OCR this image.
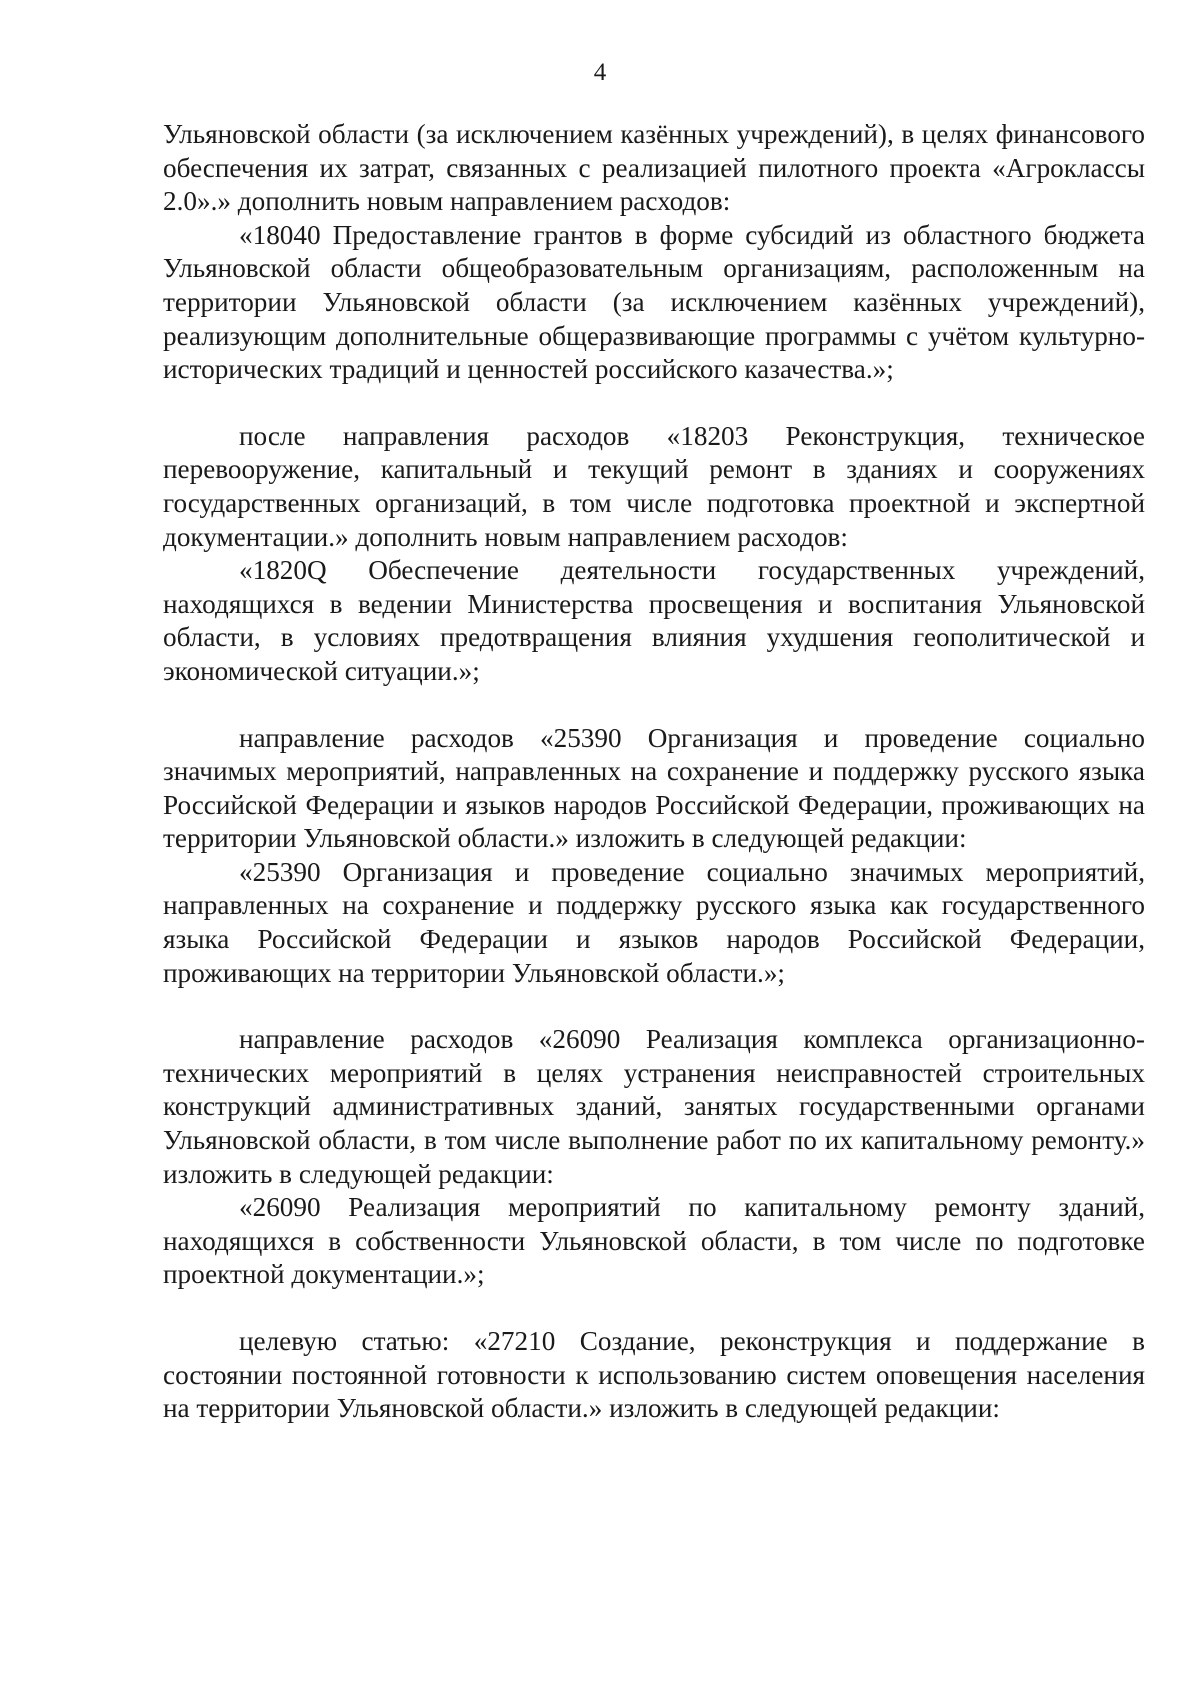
4

Ульяновской области (за исключением казённых учреждений), в целях финансового обеспечения их затрат, связанных с реализацией пилотного проекта «Агроклассы 2.0».» дополнить новым направлением расходов:

«18040 Предоставление грантов в форме субсидий из областного бюджета Ульяновской области общеобразовательным организациям, расположенным на территории Ульяновской области (за исключением казённых учреждений), реализующим дополнительные общеразвивающие программы с учётом культурно-исторических традиций и ценностей российского казачества.»;

после направления расходов «18203 Реконструкция, техническое перевооружение, капитальный и текущий ремонт в зданиях и сооружениях государственных организаций, в том числе подготовка проектной и экспертной документации.» дополнить новым направлением расходов:

«1820Q Обеспечение деятельности государственных учреждений, находящихся в ведении Министерства просвещения и воспитания Ульяновской области, в условиях предотвращения влияния ухудшения геополитической и экономической ситуации.»;

направление расходов «25390 Организация и проведение социально значимых мероприятий, направленных на сохранение и поддержку русского языка Российской Федерации и языков народов Российской Федерации, проживающих на территории Ульяновской области.» изложить в следующей редакции:

«25390 Организация и проведение социально значимых мероприятий, направленных на сохранение и поддержку русского языка как государственного языка Российской Федерации и языков народов Российской Федерации, проживающих на территории Ульяновской области.»;

направление расходов «26090 Реализация комплекса организационно-технических мероприятий в целях устранения неисправностей строительных конструкций административных зданий, занятых государственными органами Ульяновской области, в том числе выполнение работ по их капитальному ремонту.» изложить в следующей редакции:

«26090 Реализация мероприятий по капитальному ремонту зданий, находящихся в собственности Ульяновской области, в том числе по подготовке проектной документации.»;

целевую статью: «27210 Создание, реконструкция и поддержание в состоянии постоянной готовности к использованию систем оповещения населения на территории Ульяновской области.» изложить в следующей редакции:
